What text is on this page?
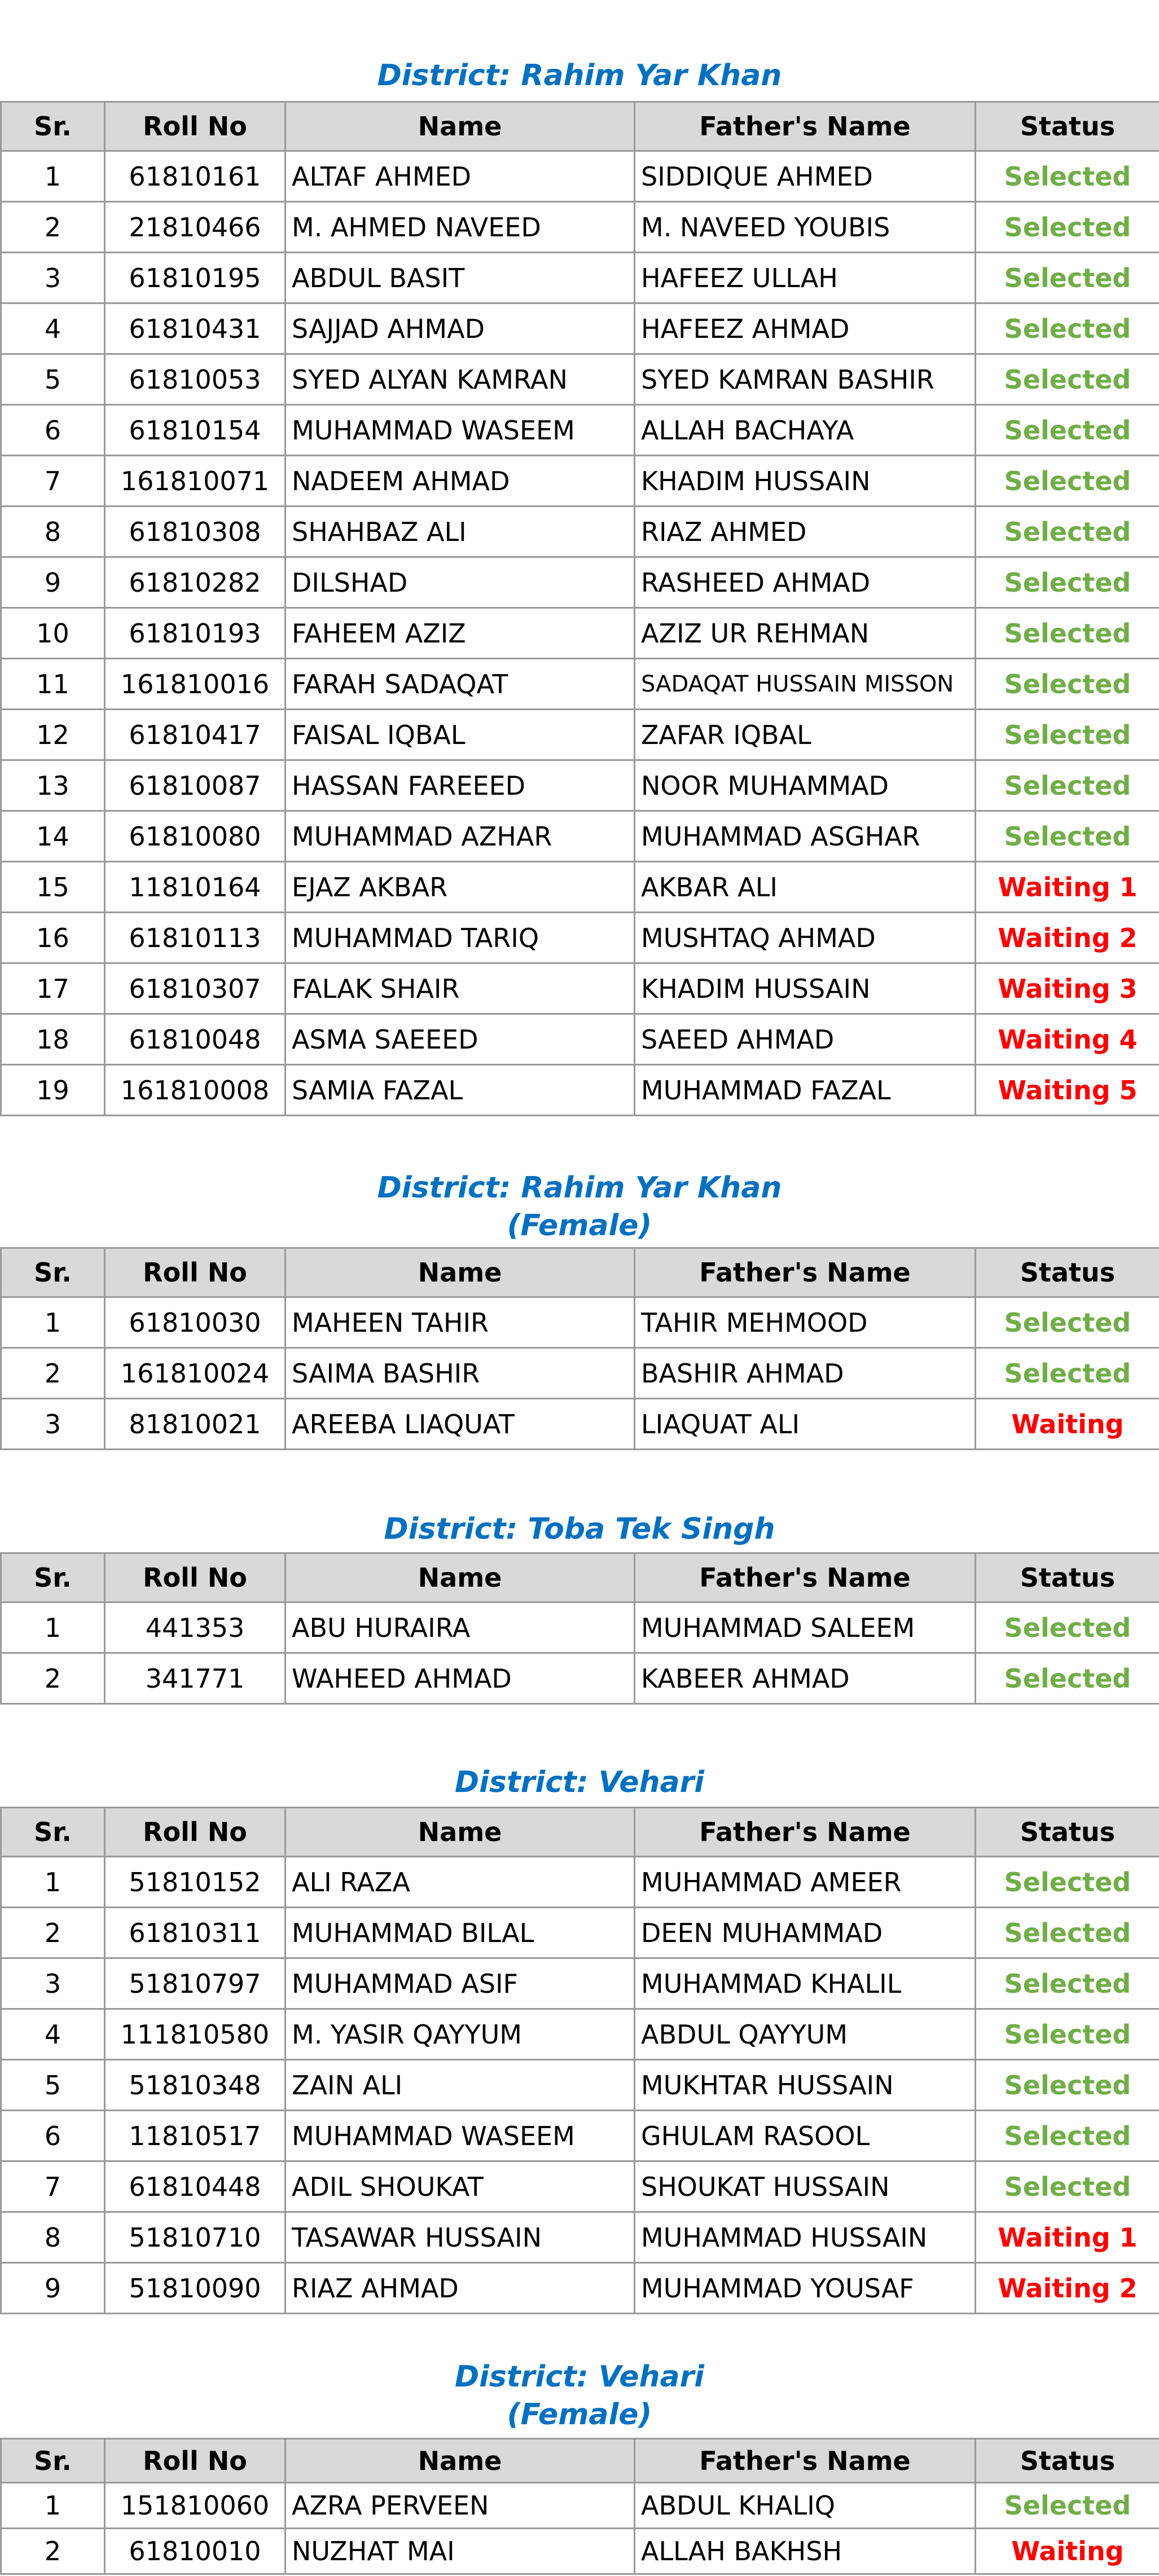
District: Rahim Yar Khan
Sr.	Roll No	Name	Father's Name	Status
1	61810161	ALTAF AHMED	SIDDIQUE AHMED	Selected
2	21810466	M. AHMED NAVEED	M. NAVEED YOUBIS	Selected
3	61810195	ABDUL BASIT	HAFEEZ ULLAH	Selected
4	61810431	SAJJAD AHMAD	HAFEEZ AHMAD	Selected
5	61810053	SYED ALYAN KAMRAN	SYED KAMRAN BASHIR	Selected
6	61810154	MUHAMMAD WASEEM	ALLAH BACHAYA	Selected
7	161810071	NADEEM AHMAD	KHADIM HUSSAIN	Selected
8	61810308	SHAHBAZ ALI	RIAZ AHMED	Selected
9	61810282	DILSHAD	RASHEED AHMAD	Selected
10	61810193	FAHEEM AZIZ	AZIZ UR REHMAN	Selected
11	161810016	FARAH SADAQAT	SADAQAT HUSSAIN MISSON	Selected
12	61810417	FAISAL IQBAL	ZAFAR IQBAL	Selected
13	61810087	HASSAN FAREEED	NOOR MUHAMMAD	Selected
14	61810080	MUHAMMAD AZHAR	MUHAMMAD ASGHAR	Selected
15	11810164	EJAZ AKBAR	AKBAR ALI	Waiting 1
16	61810113	MUHAMMAD TARIQ	MUSHTAQ AHMAD	Waiting 2
17	61810307	FALAK SHAIR	KHADIM HUSSAIN	Waiting 3
18	61810048	ASMA SAEEED	SAEED AHMAD	Waiting 4
19	161810008	SAMIA FAZAL	MUHAMMAD FAZAL	Waiting 5
District: Rahim Yar Khan
(Female)
Sr.	Roll No	Name	Father's Name	Status
1	61810030	MAHEEN TAHIR	TAHIR MEHMOOD	Selected
2	161810024	SAIMA BASHIR	BASHIR AHMAD	Selected
3	81810021	AREEBA LIAQUAT	LIAQUAT ALI	Waiting
District: Toba Tek Singh
Sr.	Roll No	Name	Father's Name	Status
1	441353	ABU HURAIRA	MUHAMMAD SALEEM	Selected
2	341771	WAHEED AHMAD	KABEER AHMAD	Selected
District: Vehari
Sr.	Roll No	Name	Father's Name	Status
1	51810152	ALI RAZA	MUHAMMAD AMEER	Selected
2	61810311	MUHAMMAD BILAL	DEEN MUHAMMAD	Selected
3	51810797	MUHAMMAD ASIF	MUHAMMAD KHALIL	Selected
4	111810580	M. YASIR QAYYUM	ABDUL QAYYUM	Selected
5	51810348	ZAIN ALI	MUKHTAR HUSSAIN	Selected
6	11810517	MUHAMMAD WASEEM	GHULAM RASOOL	Selected
7	61810448	ADIL SHOUKAT	SHOUKAT HUSSAIN	Selected
8	51810710	TASAWAR HUSSAIN	MUHAMMAD HUSSAIN	Waiting 1
9	51810090	RIAZ AHMAD	MUHAMMAD YOUSAF	Waiting 2
District: Vehari
(Female)
Sr.	Roll No	Name	Father's Name	Status
1	151810060	AZRA PERVEEN	ABDUL KHALIQ	Selected
2	61810010	NUZHAT MAI	ALLAH BAKHSH	Waiting
